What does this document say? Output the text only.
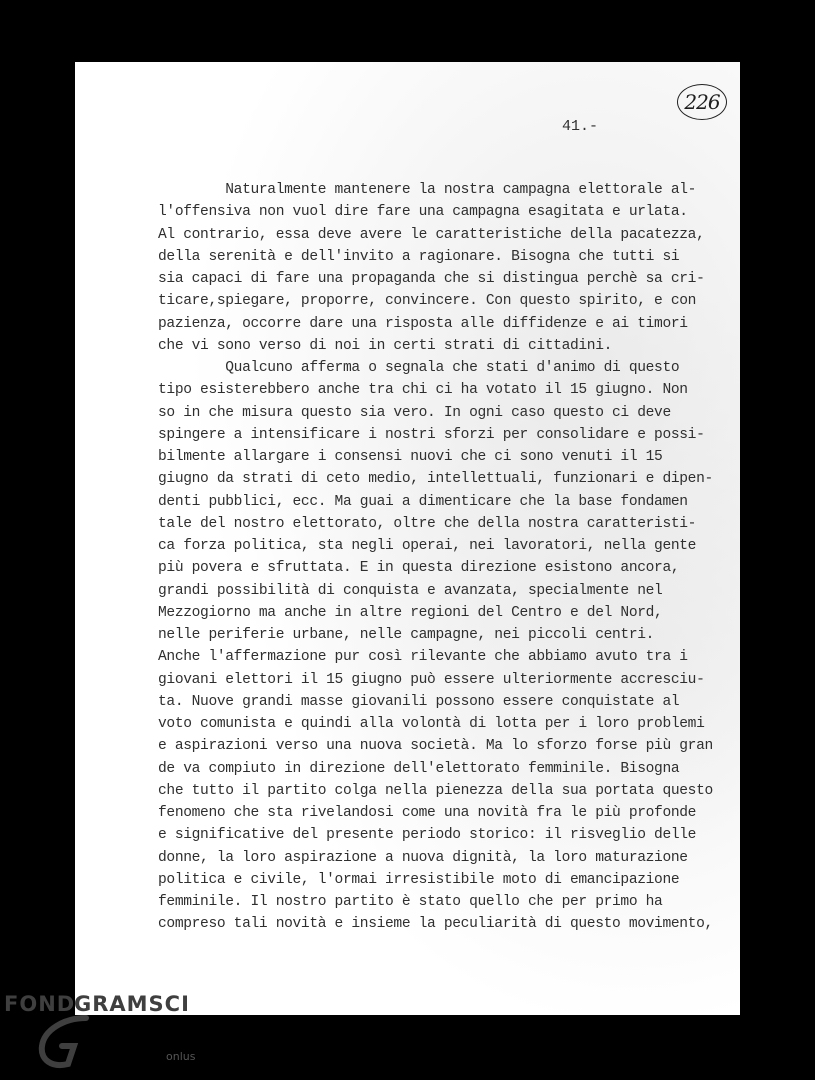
226
41.-
Naturalmente mantenere la nostra campagna elettorale al-
l'offensiva non vuol dire fare una campagna esagitata e urlata.
Al contrario, essa deve avere le caratteristiche della pacatezza,
della serenità e dell'invito a ragionare. Bisogna che tutti si
sia capaci di fare una propaganda che si distingua perchè sa cri-
ticare,spiegare, proporre, convincere. Con questo spirito, e con
pazienza, occorre dare una risposta alle diffidenze e ai timori
che vi sono verso di noi in certi strati di cittadini.
Qualcuno afferma o segnala che stati d'animo di questo
tipo esisterebbero anche tra chi ci ha votato il 15 giugno. Non
so in che misura questo sia vero. In ogni caso questo ci deve
spingere a intensificare i nostri sforzi per consolidare e possi-
bilmente allargare i consensi nuovi che ci sono venuti il 15
giugno da strati di ceto medio, intellettuali, funzionari e dipen-
denti pubblici, ecc. Ma guai a dimenticare che la base fondamen
tale del nostro elettorato, oltre che della nostra caratteristi-
ca forza politica, sta negli operai, nei lavoratori, nella gente
più povera e sfruttata. E in questa direzione esistono ancora,
grandi possibilità di conquista e avanzata, specialmente nel
Mezzogiorno ma anche in altre regioni del Centro e del Nord,
nelle periferie urbane, nelle campagne, nei piccoli centri.
Anche l'affermazione pur così rilevante che abbiamo avuto tra i
giovani elettori il 15 giugno può essere ulteriormente accresciu-
ta. Nuove grandi masse giovanili possono essere conquistate al
voto comunista e quindi alla volontà di lotta per i loro problemi
e aspirazioni verso una nuova società. Ma lo sforzo forse più gran
de va compiuto in direzione dell'elettorato femminile. Bisogna
che tutto il partito colga nella pienezza della sua portata questo
fenomeno che sta rivelandosi come una novità fra le più profonde
e significative del presente periodo storico: il risveglio delle
donne, la loro aspirazione a nuova dignità, la loro maturazione
politica e civile, l'ormai irresistibile moto di emancipazione
femminile. Il nostro partito è stato quello che per primo ha
compreso tali novità e insieme la peculiarità di questo movimento,
FOND
GRAMSCI
onlus
